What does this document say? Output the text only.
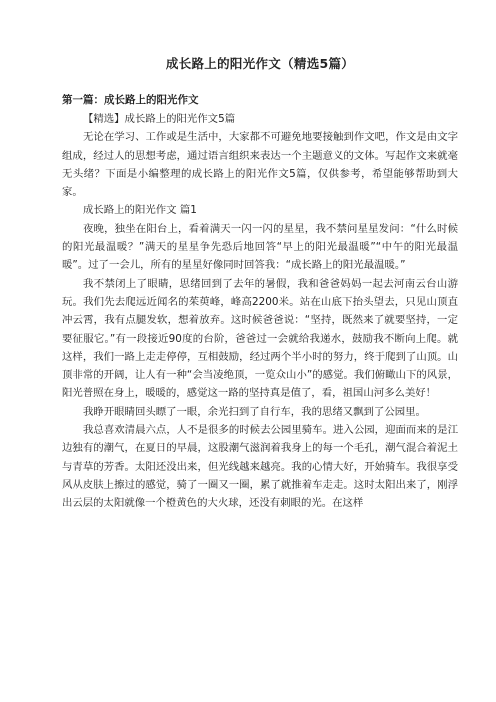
成长路上的阳光作文（精选5篇）
第一篇：成长路上的阳光作文

【精选】成长路上的阳光作文5篇

无论在学习、工作或是生活中，大家都不可避免地要接触到作文吧，作文是由文字组成，经过人的思想考虑，通过语言组织来表达一个主题意义的文体。写起作文来就毫无头绪？下面是小编整理的成长路上的阳光作文5篇，仅供参考，希望能够帮助到大家。

成长路上的阳光作文 篇1

夜晚，独坐在阳台上，看着满天一闪一闪的星星，我不禁问星星发问：“什么时候的阳光最温暖？”满天的星星争先恐后地回答“早上的阳光最温暖”“中午的阳光最温暖”。过了一会儿，所有的星星好像同时回答我：“成长路上的阳光最温暖。”

我不禁闭上了眼睛，思绪回到了去年的暑假，我和爸爸妈妈一起去河南云台山游玩。我们先去爬远近闻名的茱萸峰，峰高2200米。站在山底下抬头望去，只见山顶直冲云霄，我有点腿发软，想着放弃。这时候爸爸说：“坚持，既然来了就要坚持，一定要征服它。”有一段接近90度的台阶，爸爸过一会就给我递水，鼓励我不断向上爬。就这样，我们一路上走走停停，互相鼓励，经过两个半小时的努力，终于爬到了山顶。山顶非常的开阔，让人有一种“会当凌绝顶，一览众山小”的感觉。我们俯瞰山下的风景，阳光普照在身上，暖暖的，感觉这一路的坚持真是值了，看，祖国山河多么美好！

我睁开眼睛回头瞟了一眼，余光扫到了自行车，我的思绪又飘到了公园里。

我总喜欢清晨六点，人不是很多的时候去公园里骑车。进入公园，迎面而来的是江边独有的潮气，在夏日的早晨，这股潮气滋润着我身上的每一个毛孔，潮气混合着泥土与青草的芳香。太阳还没出来，但光线越来越亮。我的心情大好，开始骑车。我很享受风从皮肤上擦过的感觉，骑了一圈又一圈，累了就推着车走走。这时太阳出来了，刚浮出云层的太阳就像一个橙黄色的大火球，还没有刺眼的光。在这样
